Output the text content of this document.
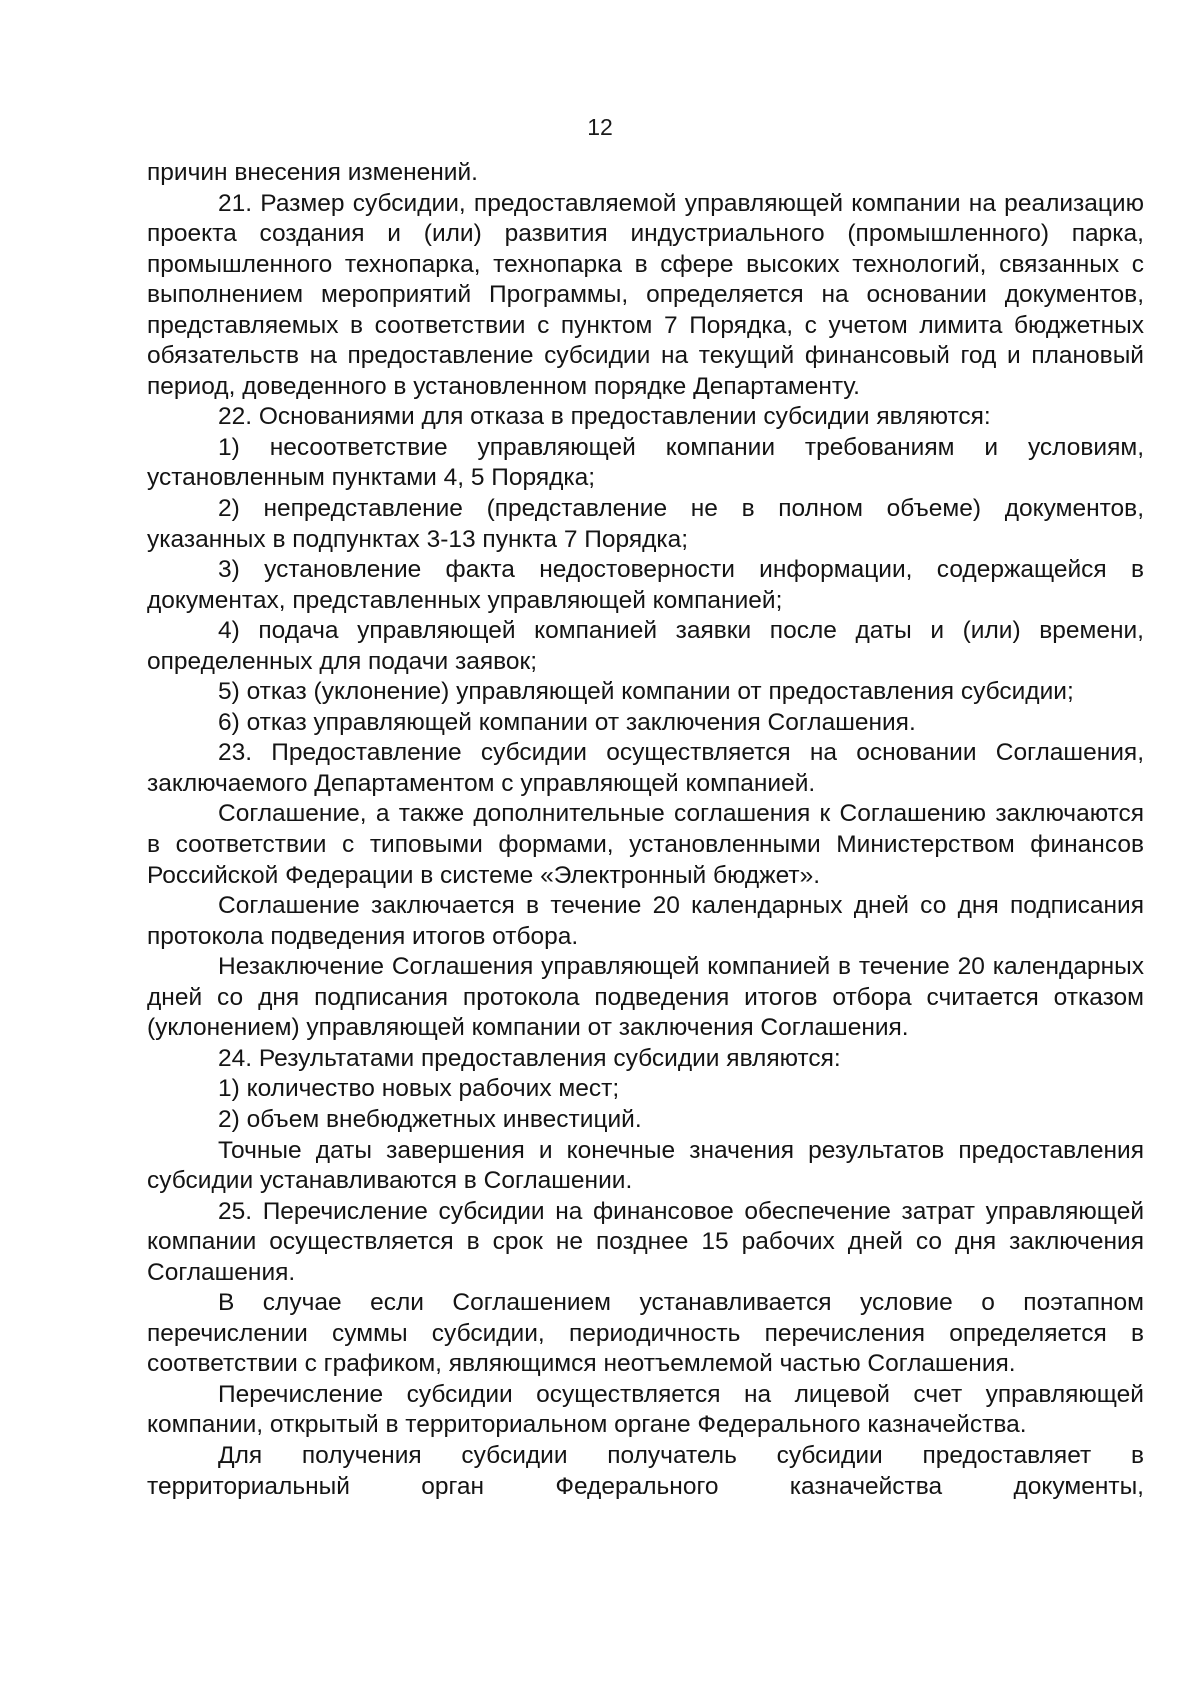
12

причин внесения изменений.

21. Размер субсидии, предоставляемой управляющей компании на реализацию проекта создания и (или) развития индустриального (промышленного) парка, промышленного технопарка, технопарка в сфере высоких технологий, связанных с выполнением мероприятий Программы, определяется на основании документов, представляемых в соответствии с пунктом 7 Порядка, с учетом лимита бюджетных обязательств на предоставление субсидии на текущий финансовый год и плановый период, доведенного в установленном порядке Департаменту.

22. Основаниями для отказа в предоставлении субсидии являются:

1) несоответствие управляющей компании требованиям и условиям, установленным пунктами 4, 5 Порядка;

2) непредставление (представление не в полном объеме) документов, указанных в подпунктах 3-13 пункта 7 Порядка;

3) установление факта недостоверности информации, содержащейся в документах, представленных управляющей компанией;

4) подача управляющей компанией заявки после даты и (или) времени, определенных для подачи заявок;

5) отказ (уклонение) управляющей компании от предоставления субсидии;

6) отказ управляющей компании от заключения Соглашения.

23. Предоставление субсидии осуществляется на основании Соглашения, заключаемого Департаментом с управляющей компанией.

Соглашение, а также дополнительные соглашения к Соглашению заключаются в соответствии с типовыми формами, установленными Министерством финансов Российской Федерации в системе «Электронный бюджет».

Соглашение заключается в течение 20 календарных дней со дня подписания протокола подведения итогов отбора.

Незаключение Соглашения управляющей компанией в течение 20 календарных дней со дня подписания протокола подведения итогов отбора считается отказом (уклонением) управляющей компании от заключения Соглашения.

24. Результатами предоставления субсидии являются:

1) количество новых рабочих мест;

2) объем внебюджетных инвестиций.

Точные даты завершения и конечные значения результатов предоставления субсидии устанавливаются в Соглашении.

25. Перечисление субсидии на финансовое обеспечение затрат управляющей компании осуществляется в срок не позднее 15 рабочих дней со дня заключения Соглашения.

В случае если Соглашением устанавливается условие о поэтапном перечислении суммы субсидии, периодичность перечисления определяется в соответствии с графиком, являющимся неотъемлемой частью Соглашения.

Перечисление субсидии осуществляется на лицевой счет управляющей компании, открытый в территориальном органе Федерального казначейства.

Для получения субсидии получатель субсидии предоставляет в территориальный орган Федерального казначейства документы,
